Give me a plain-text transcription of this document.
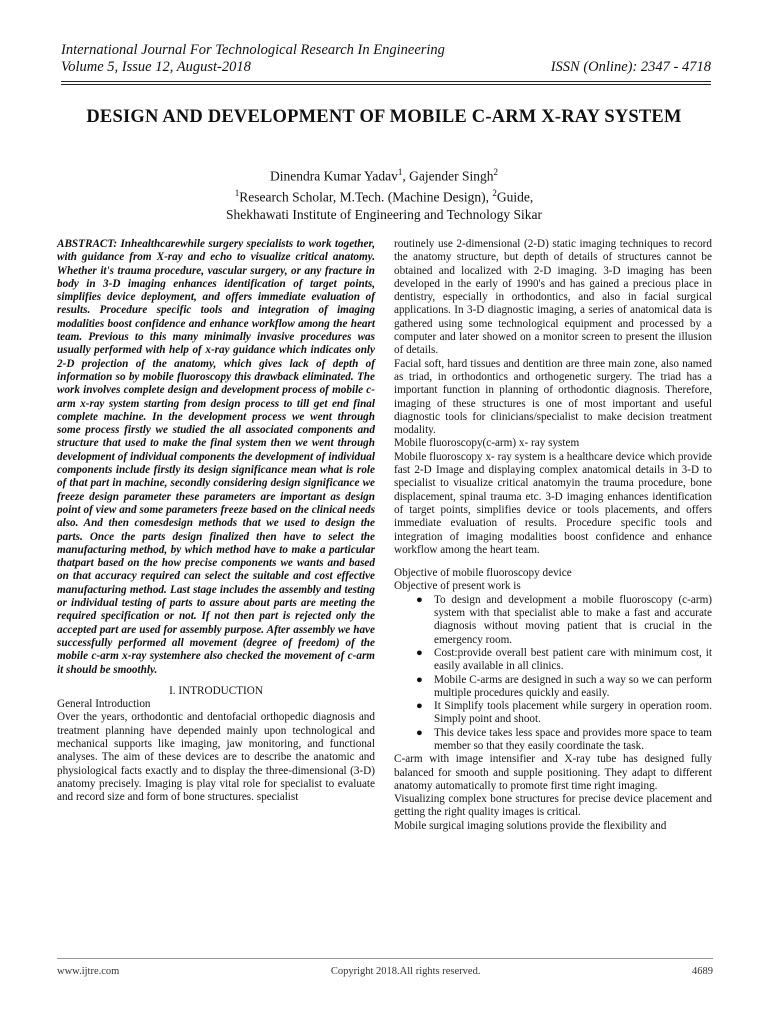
International Journal For Technological Research In Engineering
Volume 5, Issue 12, August-2018	ISSN (Online): 2347 - 4718
DESIGN AND DEVELOPMENT OF MOBILE C-ARM X-RAY SYSTEM
Dinendra Kumar Yadav$^1$, Gajender Singh$^2$
$^1$Research Scholar, M.Tech. (Machine Design), $^2$Guide,
Shekhawati Institute of Engineering and Technology Sikar

ABSTRACT: Inhealthcarewhile surgery specialists to work together, with guidance from X-ray and echo to visualize critical anatomy. Whether it's trauma procedure, vascular surgery, or any fracture in body in 3-D imaging enhances identification of target points, simplifies device deployment, and offers immediate evaluation of results. Procedure specific tools and integration of imaging modalities boost confidence and enhance workflow among the heart team. Previous to this many minimally invasive procedures was usually performed with help of x-ray guidance which indicates only 2-D projection of the anatomy, which gives lack of depth of information so by mobile fluoroscopy this drawback eliminated. The work involves complete design and development process of mobile c-arm x-ray system starting from design process to till get end final complete machine. In the development process we went through some process firstly we studied the all associated components and structure that used to make the final system then we went through development of individual components the development of individual components include firstly its design significance mean what is role of that part in machine, secondly considering design significance we freeze design parameter these parameters are important as design point of view and some parameters freeze based on the clinical needs also. And then comesdesign methods that we used to design the parts. Once the parts design finalized then have to select the manufacturing method, by which method have to make a particular thatpart based on the how precise components we wants and based on that accuracy required can select the suitable and cost effective manufacturing method. Last stage includes the assembly and testing or individual testing of parts to assure about parts are meeting the required specification or not. If not then part is rejected only the accepted part are used for assembly purpose. After assembly we have successfully performed all movement (degree of freedom) of the mobile c-arm x-ray systemhere also checked the movement of c-arm it should be smoothly.

I. INTRODUCTION

General Introduction

Over the years, orthodontic and dentofacial orthopedic diagnosis and treatment planning have depended mainly upon technological and mechanical supports like imaging, jaw monitoring, and functional analyses. The aim of these devices are to describe the anatomic and physiological facts exactly and to display the three-dimensional (3-D) anatomy precisely. Imaging is play vital role for specialist to evaluate and record size and form of bone structures. specialist

routinely use 2-dimensional (2-D) static imaging techniques to record the anatomy structure, but depth of details of structures cannot be obtained and localized with 2-D imaging. 3-D imaging has been developed in the early of 1990's and has gained a precious place in dentistry, especially in orthodontics, and also in facial surgical applications. In 3-D diagnostic imaging, a series of anatomical data is gathered using some technological equipment and processed by a computer and later showed on a monitor screen to present the illusion of details.

Facial soft, hard tissues and dentition are three main zone, also named as triad, in orthodontics and orthogenetic surgery. The triad has a important function in planning of orthodontic diagnosis. Therefore, imaging of these structures is one of most important and useful diagnostic tools for clinicians/specialist to make decision treatment modality.

Mobile fluoroscopy(c-arm) x- ray system

Mobile fluoroscopy x- ray system is a healthcare device which provide fast 2-D Image and displaying complex anatomical details in 3-D to specialist to visualize critical anatomyin the trauma procedure, bone displacement, spinal trauma etc. 3-D imaging enhances identification of target points, simplifies device or tools placements, and offers immediate evaluation of results. Procedure specific tools and integration of imaging modalities boost confidence and enhance workflow among the heart team.

Objective of mobile fluoroscopy device

Objective of present work is

● To design and development a mobile fluoroscopy (c-arm) system with that specialist able to make a fast and accurate diagnosis without moving patient that is crucial in the emergency room.
● Cost:provide overall best patient care with minimum cost, it easily available in all clinics.
● Mobile C-arms are designed in such a way so we can perform multiple procedures quickly and easily.
● It Simplify tools placement while surgery in operation room. Simply point and shoot.
● This device takes less space and provides more space to team member so that they easily coordinate the task.

C-arm with image intensifier and X-ray tube has designed fully balanced for smooth and supple positioning. They adapt to different anatomy automatically to promote first time right imaging.

Visualizing complex bone structures for precise device placement and getting the right quality images is critical.

Mobile surgical imaging solutions provide the flexibility and

www.ijtre.com	Copyright 2018.All rights reserved.	4689
